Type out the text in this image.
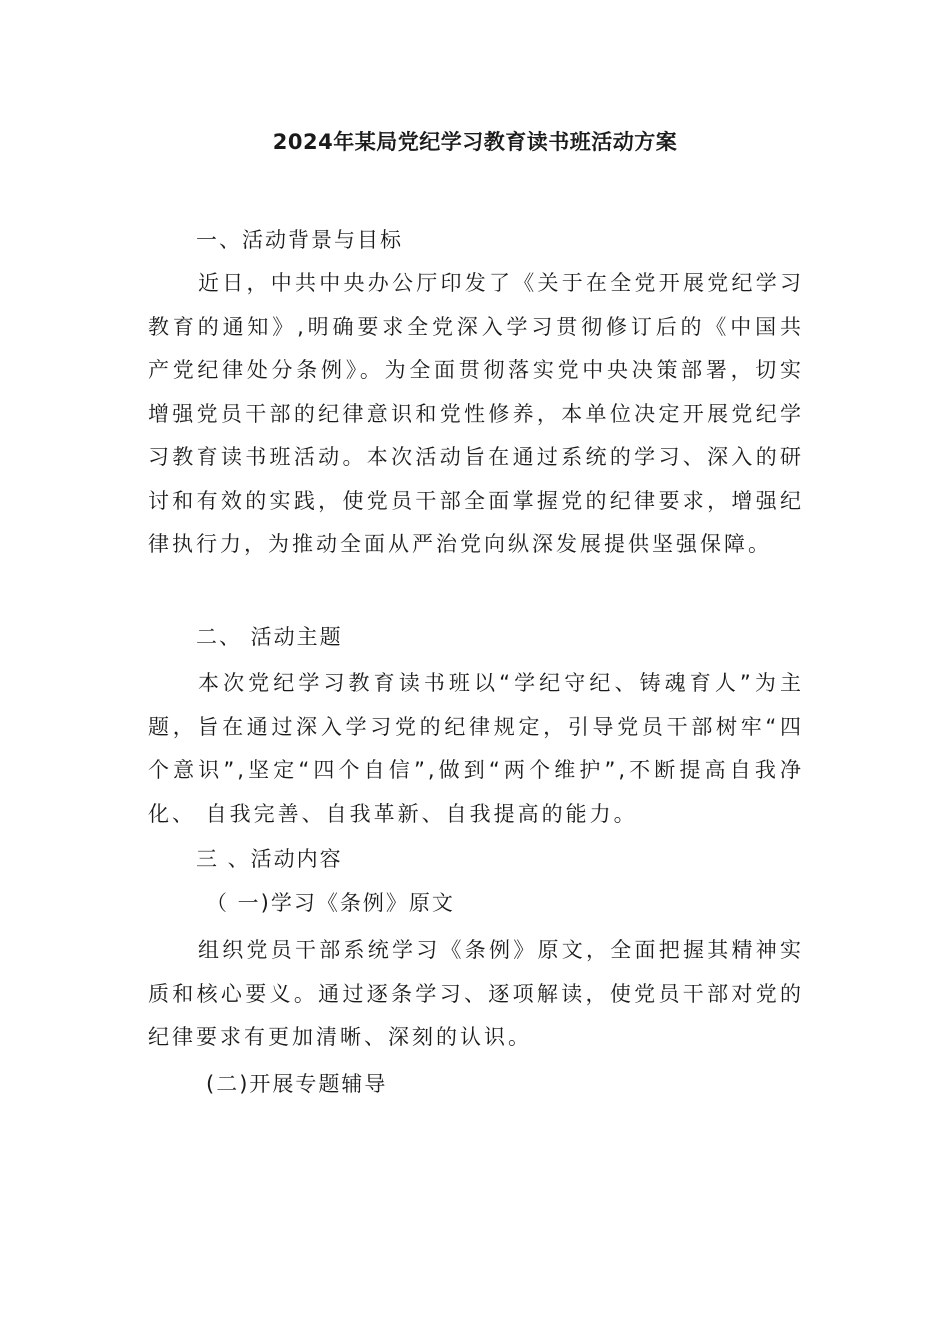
2024年某局党纪学习教育读书班活动方案
一、活动背景与目标

近日，中共中央办公厅印发了《关于在全党开展党纪学习教育的通知》,明确要求全党深入学习贯彻修订后的《中国共产党纪律处分条例》。为全面贯彻落实党中央决策部署，切实增强党员干部的纪律意识和党性修养，本单位决定开展党纪学习教育读书班活动。本次活动旨在通过系统的学习、深入的研讨和有效的实践，使党员干部全面掌握党的纪律要求，增强纪律执行力，为推动全面从严治党向纵深发展提供坚强保障。

二、 活动主题

本次党纪学习教育读书班以“学纪守纪、铸魂育人”为主题，旨在通过深入学习党的纪律规定，引导党员干部树牢“四个意识”,坚定“四个自信”,做到“两个维护”,不断提高自我净化、 自我完善、自我革新、自我提高的能力。

三 、活动内容
（ 一)学习《条例》原文

组织党员干部系统学习《条例》原文，全面把握其精神实质和核心要义。通过逐条学习、逐项解读，使党员干部对党的纪律要求有更加清晰、深刻的认识。

(二)开展专题辅导
